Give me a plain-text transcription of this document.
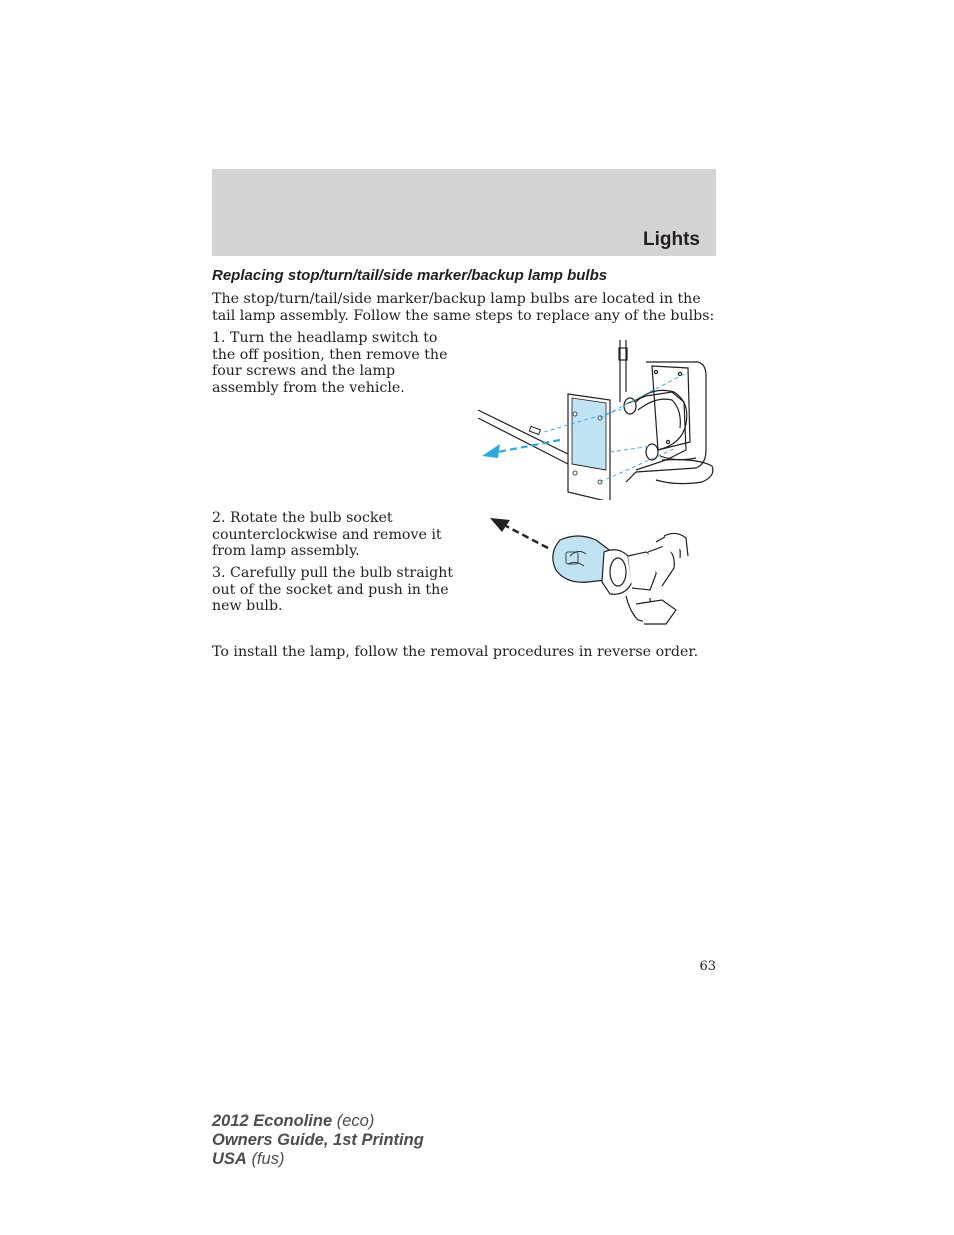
Lights
Replacing stop/turn/tail/side marker/backup lamp bulbs
The stop/turn/tail/side marker/backup lamp bulbs are located in the tail lamp assembly. Follow the same steps to replace any of the bulbs:
1. Turn the headlamp switch to the off position, then remove the four screws and the lamp assembly from the vehicle.
2. Rotate the bulb socket counterclockwise and remove it from lamp assembly.
3. Carefully pull the bulb straight out of the socket and push in the new bulb.
To install the lamp, follow the removal procedures in reverse order.
63
2012 Econoline (eco)
Owners Guide, 1st Printing
USA (fus)
